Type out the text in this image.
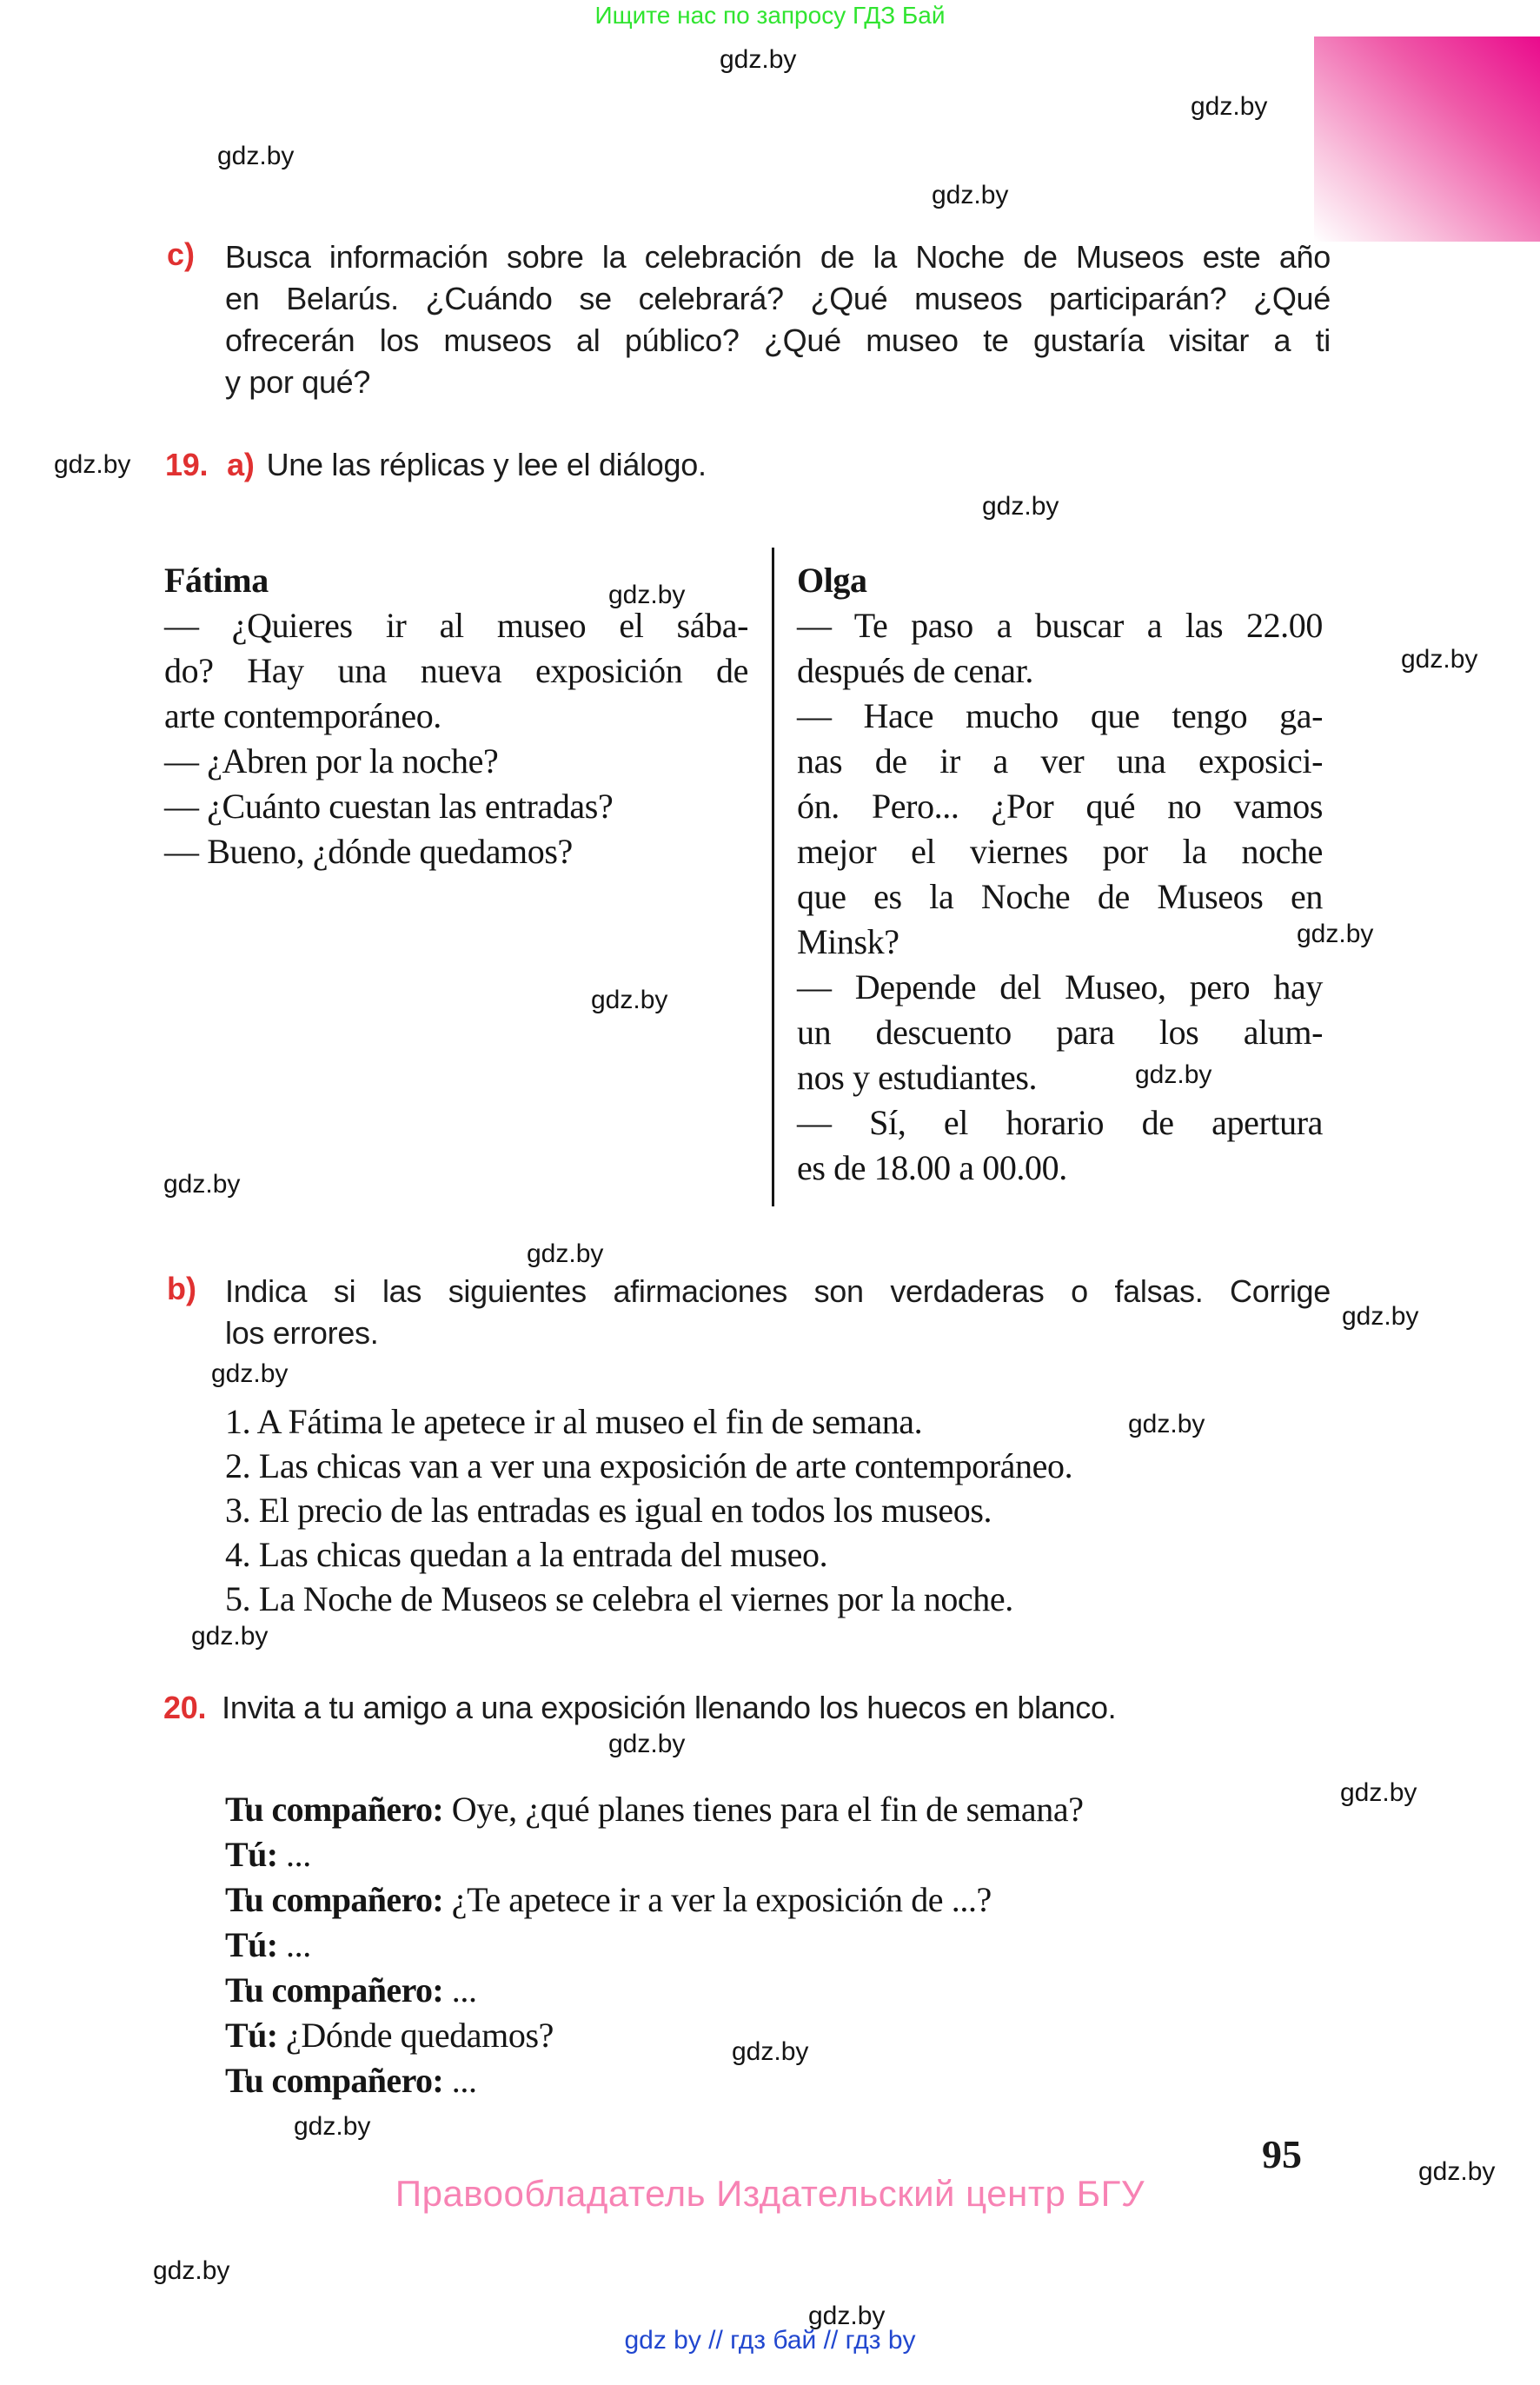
Ищите нас по запросу ГДЗ Бай
gdz.by
gdz.by
gdz.by
gdz.by
gdz.by
gdz.by
gdz.by
gdz.by
gdz.by
gdz.by
gdz.by
gdz.by
gdz.by
gdz.by
gdz.by
gdz.by
gdz.by
gdz.by
gdz.by
gdz.by
gdz.by
gdz.by
gdz.by
gdz.by
c) Busca información sobre la celebración de la Noche de Museos este año
en Belarús. ¿Cuándo se celebrará? ¿Qué museos participarán? ¿Qué
ofrecerán los museos al público? ¿Qué museo te gustaría visitar a ti
y por qué?
19. a) Une las réplicas y lee el diálogo.
Fátima
— ¿Quieres ir al museo el sába-
do? Hay una nueva exposición de
arte contemporáneo.
— ¿Abren por la noche?
— ¿Cuánto cuestan las entradas?
— Bueno, ¿dónde quedamos?
Olga
— Te paso a buscar a las 22.00
después de cenar.
— Hace mucho que tengo ga-
nas de ir a ver una exposici-
ón. Pero... ¿Por qué no vamos
mejor el viernes por la noche
que es la Noche de Museos en
Minsk?
— Depende del Museo, pero hay
un descuento para los alum-
nos y estudiantes.
— Sí, el horario de apertura
es de 18.00 a 00.00.
b) Indica si las siguientes afirmaciones son verdaderas o falsas. Corrige
los errores.
1. A Fátima le apetece ir al museo el fin de semana.
2. Las chicas van a ver una exposición de arte contemporáneo.
3. El precio de las entradas es igual en todos los museos.
4. Las chicas quedan a la entrada del museo.
5. La Noche de Museos se celebra el viernes por la noche.
20. Invita a tu amigo a una exposición llenando los huecos en blanco.
Tu compañero: Oye, ¿qué planes tienes para el fin de semana?
Tú: ...
Tu compañero: ¿Te apetece ir a ver la exposición de ...?
Tú: ...
Tu compañero: ...
Tú: ¿Dónde quedamos?
Tu compañero: ...
95
Правообладатель Издательский центр БГУ
gdz by // гдз бай // гдз by
